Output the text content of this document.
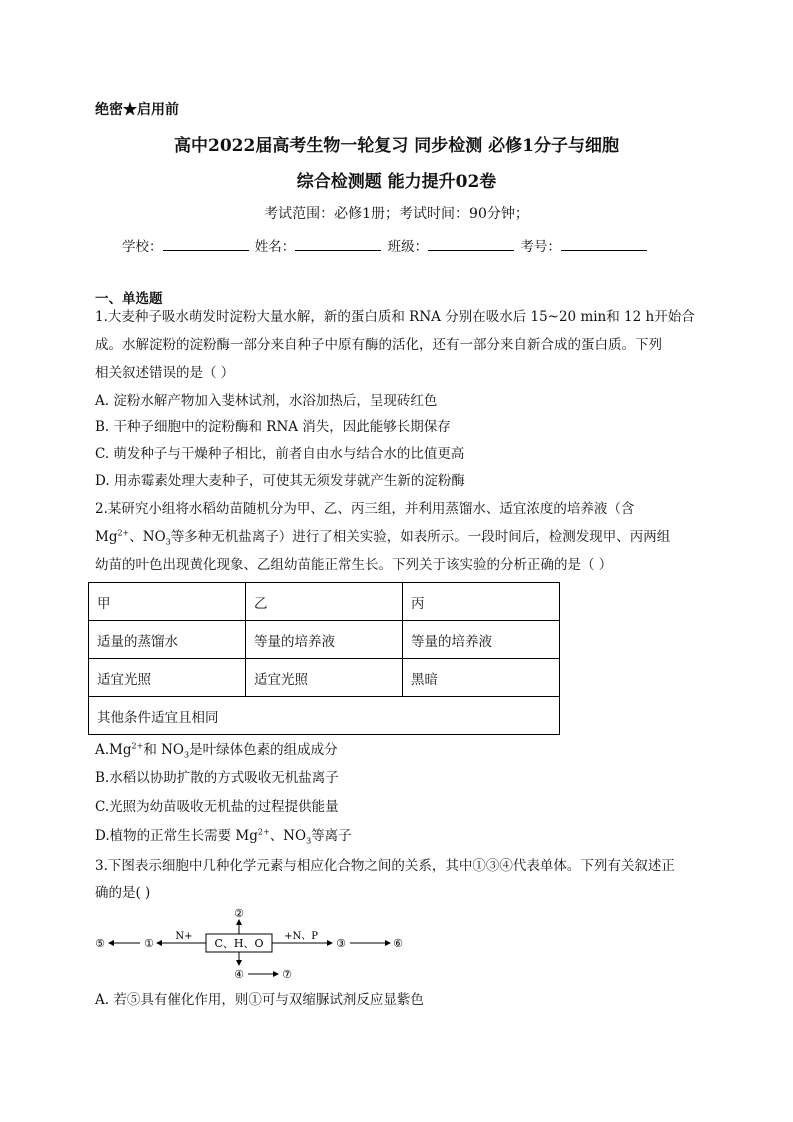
绝密★启用前
高中2022届高考生物一轮复习 同步检测 必修1分子与细胞
综合检测题 能力提升02卷
考试范围：必修1册；考试时间：90分钟；
学校：	姓名：	班级：	考号：
一、单选题
1.大麦种子吸水萌发时淀粉大量水解，新的蛋白质和 RNA 分别在吸水后 15~20 min和 12 h开始合
成。水解淀粉的淀粉酶一部分来自种子中原有酶的活化，还有一部分来自新合成的蛋白质。下列
相关叙述错误的是（ ）
A. 淀粉水解产物加入斐林试剂，水浴加热后，呈现砖红色
B. 干种子细胞中的淀粉酶和 RNA 消失，因此能够长期保存
C. 萌发种子与干燥种子相比，前者自由水与结合水的比值更高
D. 用赤霉素处理大麦种子，可使其无须发芽就产生新的淀粉酶
2.某研究小组将水稻幼苗随机分为甲、乙、丙三组，并利用蒸馏水、适宜浓度的培养液（含
$Mg^{2+}$、$NO_3$等多种无机盐离子）进行了相关实验，如表所示。一段时间后，检测发现甲、丙两组
幼苗的叶色出现黄化现象、乙组幼苗能正常生长。下列关于该实验的分析正确的是（ ）
甲	乙	丙
适量的蒸馏水	等量的培养液	等量的培养液
适宜光照	适宜光照	黑暗
其他条件适宜且相同		
$A.Mg^{2+}$和 $NO_3$是叶绿体色素的组成成分
B.水稻以协助扩散的方式吸收无机盐离子
C.光照为幼苗吸收无机盐的过程提供能量
D.植物的正常生长需要 $Mg^{2+}$、$NO_3$等离子
3.下图表示细胞中几种化学元素与相应化合物之间的关系，其中①③④代表单体。下列有关叙述正
确的是( )
C、H、O
②
④	⑦
N+
①
⑤
+N、P
③	⑥
A. 若⑤具有催化作用，则①可与双缩脲试剂反应显紫色
